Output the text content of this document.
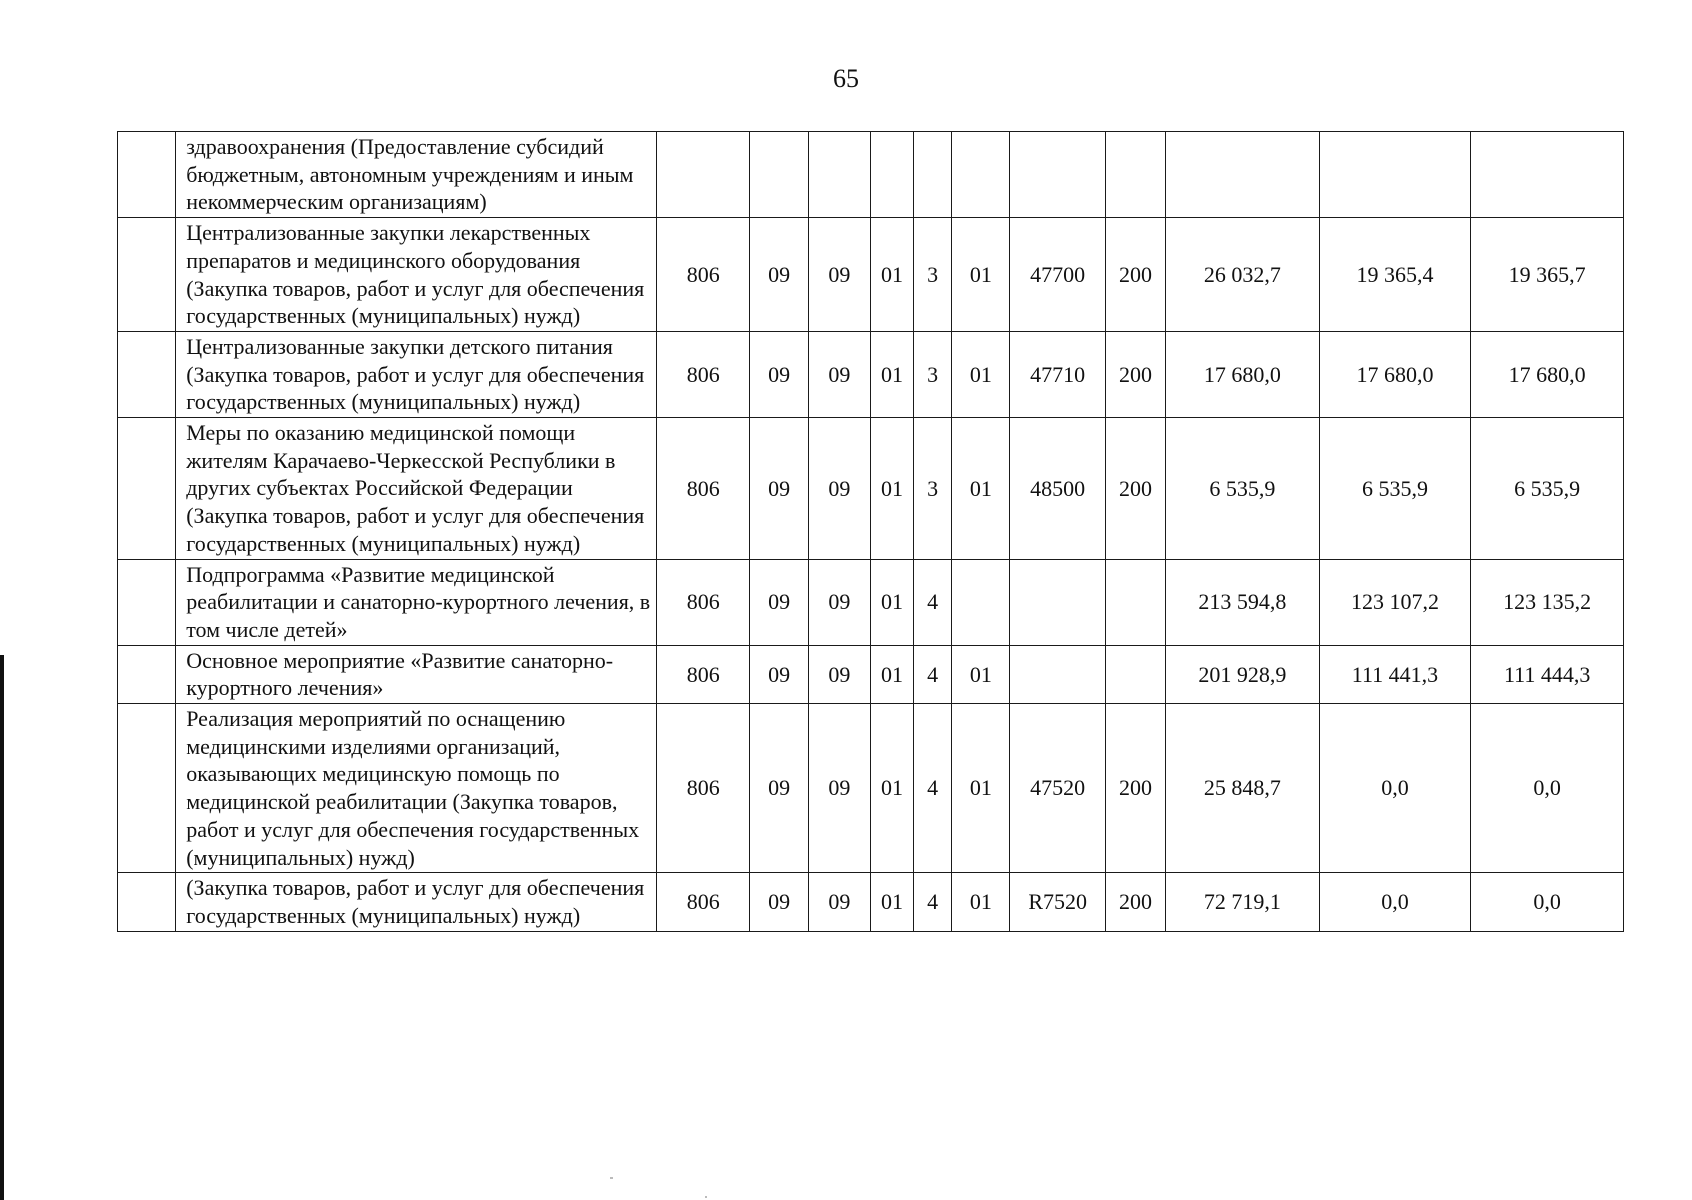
65
	здравоохранения (Предоставление субсидий бюджетным, автономным учреждениям и иным некоммерческим организациям)											
	Централизованные закупки лекарственных препаратов и медицинского оборудования (Закупка товаров, работ и услуг для обеспечения государственных (муниципальных) нужд)	806	09	09	01	3	01	47700	200	26 032,7	19 365,4	19 365,7
	Централизованные закупки детского питания (Закупка товаров, работ и услуг для обеспечения государственных (муниципальных) нужд)	806	09	09	01	3	01	47710	200	17 680,0	17 680,0	17 680,0
	Меры по оказанию медицинской помощи жителям Карачаево-Черкесской Республики в других субъектах Российской Федерации (Закупка товаров, работ и услуг для обеспечения государственных (муниципальных) нужд)	806	09	09	01	3	01	48500	200	6 535,9	6 535,9	6 535,9
	Подпрограмма «Развитие медицинской реабилитации и санаторно-курортного лечения, в том числе детей»	806	09	09	01	4				213 594,8	123 107,2	123 135,2
	Основное мероприятие «Развитие санаторно-курортного лечения»	806	09	09	01	4	01			201 928,9	111 441,3	111 444,3
	Реализация мероприятий по оснащению медицинскими изделиями организаций, оказывающих медицинскую помощь по медицинской реабилитации (Закупка товаров, работ и услуг для обеспечения государственных (муниципальных) нужд)	806	09	09	01	4	01	47520	200	25 848,7	0,0	0,0
	(Закупка товаров, работ и услуг для обеспечения государственных (муниципальных) нужд)	806	09	09	01	4	01	R7520	200	72 719,1	0,0	0,0
